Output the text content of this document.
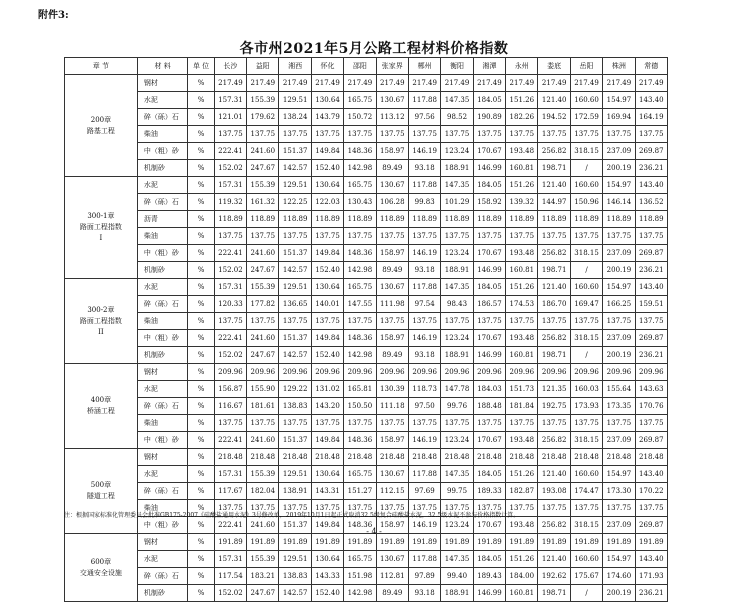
附件3:
各市州2021年5月公路工程材料价格指数
章 节	材 料	单 位	长沙	益阳	湘西	怀化	邵阳	张家界	郴州	衡阳	湘潭	永州	娄底	岳阳	株洲	常德

200章
路基工程	钢材	%	217.49	217.49	217.49	217.49	217.49	217.49	217.49	217.49	217.49	217.49	217.49	217.49	217.49	217.49
	水泥	%	157.31	155.39	129.51	130.64	165.75	130.67	117.88	147.35	184.05	151.26	121.40	160.60	154.97	143.40
	碎（砾）石	%	121.01	179.62	138.24	143.79	150.72	113.12	97.56	98.52	190.89	182.26	194.52	172.59	169.94	164.19
	柴油	%	137.75	137.75	137.75	137.75	137.75	137.75	137.75	137.75	137.75	137.75	137.75	137.75	137.75	137.75
	中（粗）砂	%	222.41	241.60	151.37	149.84	148.36	158.97	146.19	123.24	170.67	193.48	256.82	318.15	237.09	269.87
	机制砂	%	152.02	247.67	142.57	152.40	142.98	89.49	93.18	188.91	146.99	160.81	198.71	/	200.19	236.21

300-1章
路面工程指数
I	水泥	%	157.31	155.39	129.51	130.64	165.75	130.67	117.88	147.35	184.05	151.26	121.40	160.60	154.97	143.40
	碎（砾）石	%	119.32	161.32	122.25	122.03	130.43	106.28	99.83	101.29	158.92	139.32	144.97	150.96	146.14	136.52
	沥青	%	118.89	118.89	118.89	118.89	118.89	118.89	118.89	118.89	118.89	118.89	118.89	118.89	118.89	118.89
	柴油	%	137.75	137.75	137.75	137.75	137.75	137.75	137.75	137.75	137.75	137.75	137.75	137.75	137.75	137.75
	中（粗）砂	%	222.41	241.60	151.37	149.84	148.36	158.97	146.19	123.24	170.67	193.48	256.82	318.15	237.09	269.87
	机制砂	%	152.02	247.67	142.57	152.40	142.98	89.49	93.18	188.91	146.99	160.81	198.71	/	200.19	236.21

300-2章
路面工程指数
II	水泥	%	157.31	155.39	129.51	130.64	165.75	130.67	117.88	147.35	184.05	151.26	121.40	160.60	154.97	143.40
	碎（砾）石	%	120.33	177.82	136.65	140.01	147.55	111.98	97.54	98.43	186.57	174.53	186.70	169.47	166.25	159.51
	柴油	%	137.75	137.75	137.75	137.75	137.75	137.75	137.75	137.75	137.75	137.75	137.75	137.75	137.75	137.75
	中（粗）砂	%	222.41	241.60	151.37	149.84	148.36	158.97	146.19	123.24	170.67	193.48	256.82	318.15	237.09	269.87
	机制砂	%	152.02	247.67	142.57	152.40	142.98	89.49	93.18	188.91	146.99	160.81	198.71	/	200.19	236.21

400章
桥涵工程	钢材	%	209.96	209.96	209.96	209.96	209.96	209.96	209.96	209.96	209.96	209.96	209.96	209.96	209.96	209.96
	水泥	%	156.87	155.90	129.22	131.02	165.81	130.39	118.73	147.78	184.03	151.73	121.35	160.03	155.64	143.63
	碎（砾）石	%	116.67	181.61	138.83	143.20	150.50	111.18	97.50	99.76	188.48	181.84	192.75	173.93	173.35	170.76
	柴油	%	137.75	137.75	137.75	137.75	137.75	137.75	137.75	137.75	137.75	137.75	137.75	137.75	137.75	137.75
	中（粗）砂	%	222.41	241.60	151.37	149.84	148.36	158.97	146.19	123.24	170.67	193.48	256.82	318.15	237.09	269.87

500章
隧道工程	钢材	%	218.48	218.48	218.48	218.48	218.48	218.48	218.48	218.48	218.48	218.48	218.48	218.48	218.48	218.48
	水泥	%	157.31	155.39	129.51	130.64	165.75	130.67	117.88	147.35	184.05	151.26	121.40	160.60	154.97	143.40
	碎（砾）石	%	117.67	182.04	138.91	143.31	151.27	112.15	97.69	99.75	189.33	182.87	193.08	174.47	173.30	170.22
	柴油	%	137.75	137.75	137.75	137.75	137.75	137.75	137.75	137.75	137.75	137.75	137.75	137.75	137.75	137.75
	中（粗）砂	%	222.41	241.60	151.37	149.84	148.36	158.97	146.19	123.24	170.67	193.48	256.82	318.15	237.09	269.87

600章
交通安全设施	钢材	%	191.89	191.89	191.89	191.89	191.89	191.89	191.89	191.89	191.89	191.89	191.89	191.89	191.89	191.89
	水泥	%	157.31	155.39	129.51	130.64	165.75	130.67	117.88	147.35	184.05	151.26	121.40	160.60	154.97	143.40
	碎（砾）石	%	117.54	183.21	138.83	143.33	151.98	112.81	97.89	99.40	189.43	184.00	192.62	175.67	174.60	171.93
	机制砂	%	152.02	247.67	142.57	152.40	142.98	89.49	93.18	188.91	146.99	160.81	198.71	/	200.19	236.21
注：根据国家标准化管理委员会批准GB175-2007《硅酸盐通用水泥》3号修改单，2019年10月1日起正式取消32.5级复合硅酸盐水泥，32.5级水泥不参与价格指数计算。
- 4 -
